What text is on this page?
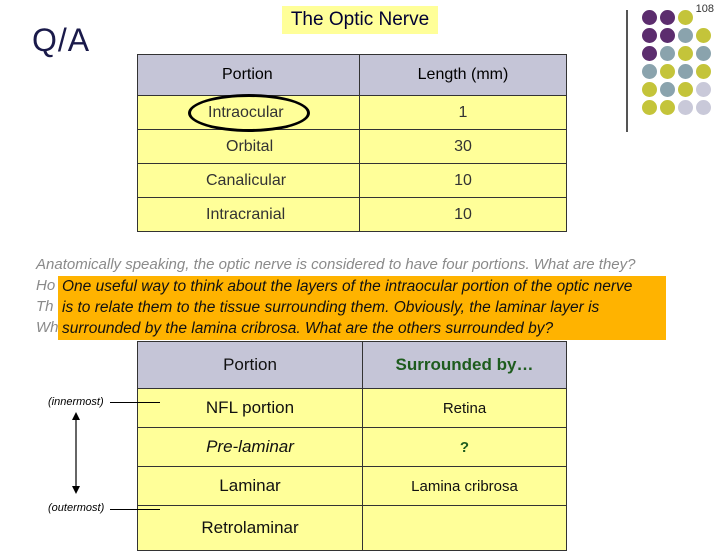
Q/A
The Optic Nerve	108
Portion	Length (mm)
Intraocular	1
Orbital	30
Canalicular	10
Intracranial	10
Anatomically speaking, the optic nerve is considered to have four portions. What are they?
Ho
Th
Wh
One useful way to think about the layers of the intraocular portion of the optic nerve
is to relate them to the tissue surrounding them. Obviously, the laminar layer is
surrounded by the lamina cribrosa. What are the others surrounded by?
Portion	Surrounded by…
NFL portion	Retina
Pre-laminar	?
Laminar	Lamina cribrosa
Retrolaminar	
(innermost)
(outermost)
